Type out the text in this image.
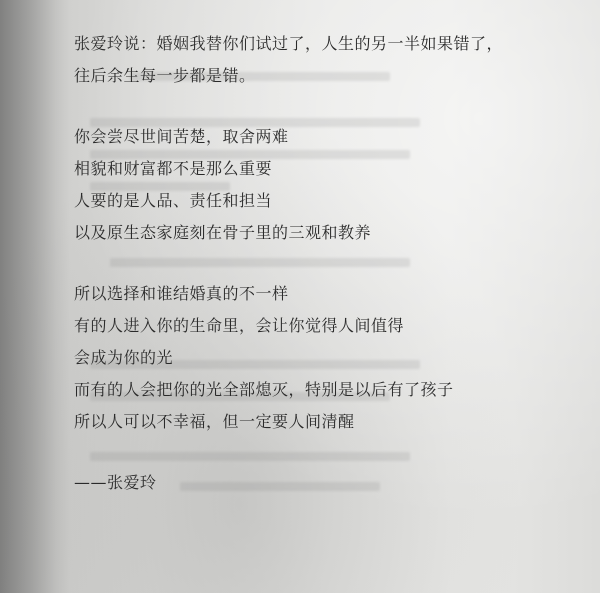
张爱玲说：婚姻我替你们试过了，人生的另一半如果错了，
往后余生每一步都是错。
你会尝尽世间苦楚，取舍两难
相貌和财富都不是那么重要
人要的是人品、责任和担当
以及原生态家庭刻在骨子里的三观和教养
所以选择和谁结婚真的不一样
有的人进入你的生命里，会让你觉得人间值得
会成为你的光
而有的人会把你的光全部熄灭，特别是以后有了孩子
所以人可以不幸福，但一定要人间清醒
——张爱玲
